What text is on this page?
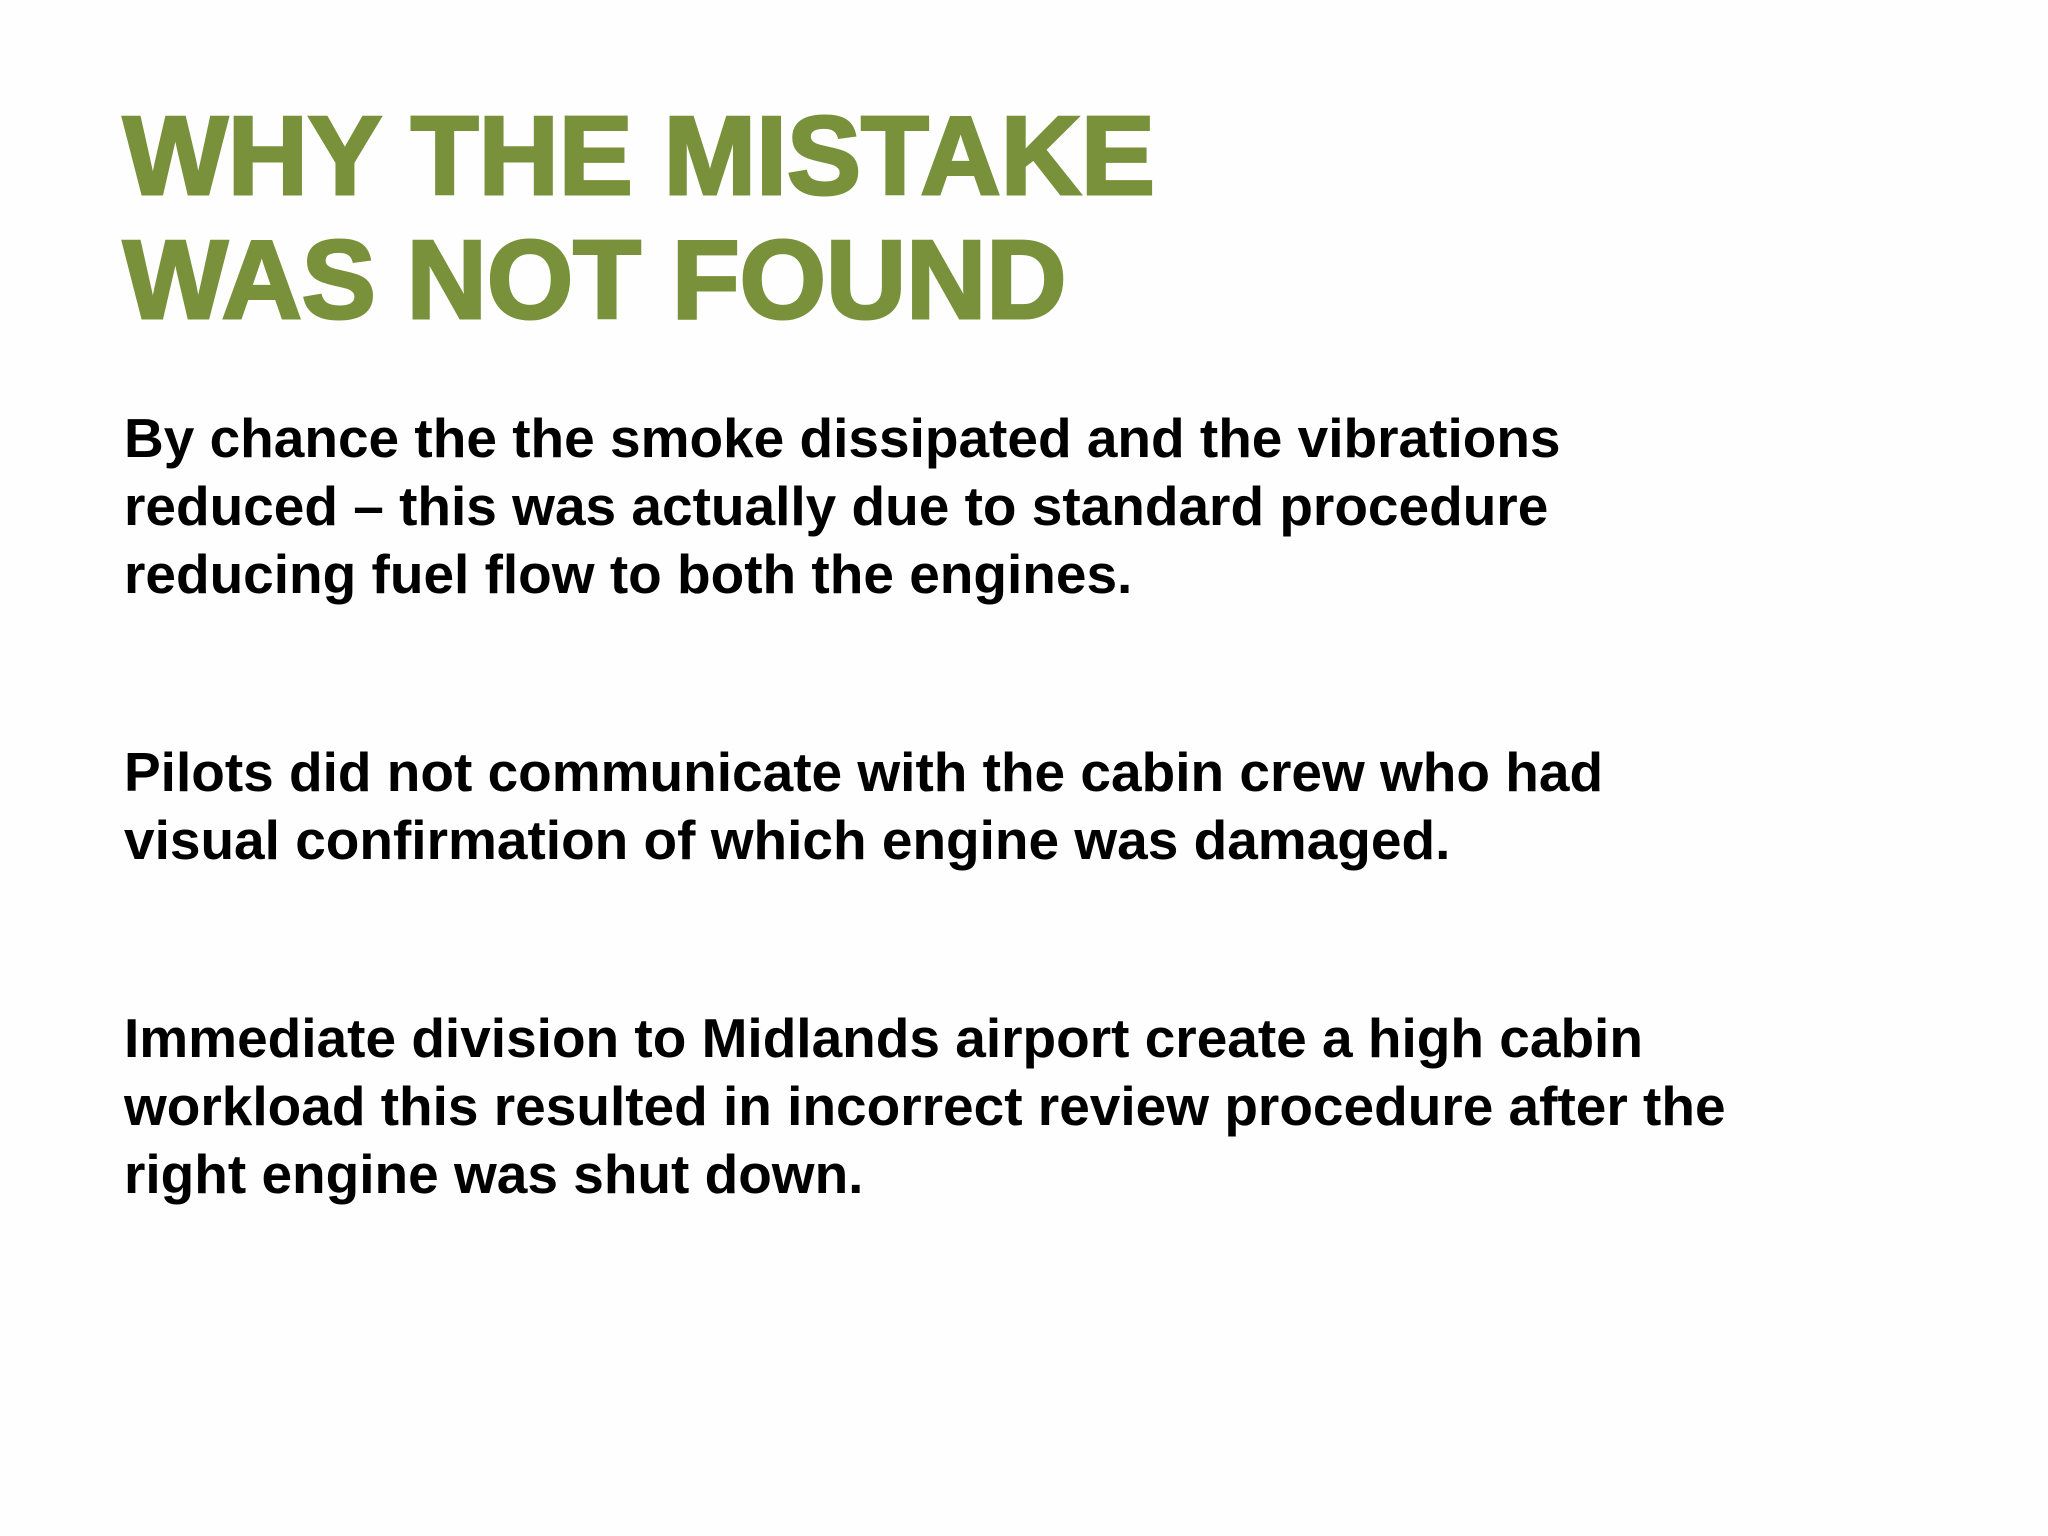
WHY THE MISTAKE
WAS NOT FOUND

By chance the the smoke dissipated and the vibrations
reduced – this was actually due to standard procedure
reducing fuel flow to both the engines.

Pilots did not communicate with the cabin crew who had
visual confirmation of which engine was damaged.

Immediate division to Midlands airport create a high cabin
workload this resulted in incorrect review procedure after the
right engine was shut down.
